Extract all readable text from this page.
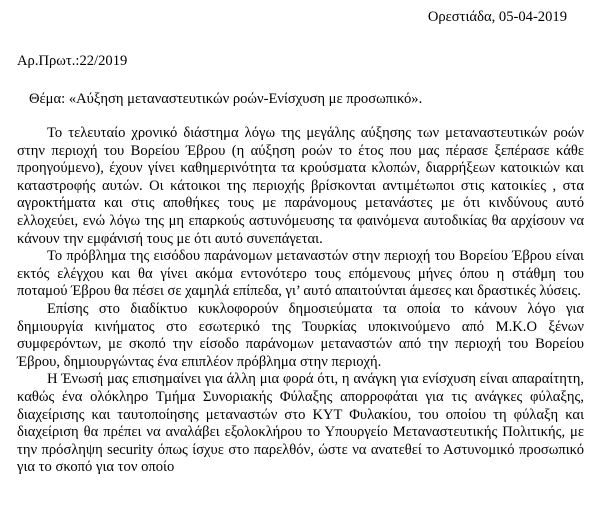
Ορεστιάδα, 05-04-2019
Αρ.Πρωτ.:22/2019
Θέμα: «Αύξηση μεταναστευτικών ροών-Ενίσχυση με προσωπικό».

Το τελευταίο χρονικό διάστημα λόγω της μεγάλης αύξησης των μεταναστευτικών ροών στην περιοχή του Βορείου Έβρου (η αύξηση ροών το έτος που μας πέρασε ξεπέρασε κάθε προηγούμενο), έχουν γίνει καθημερινότητα τα κρούσματα κλοπών, διαρρήξεων κατοικιών και καταστροφής αυτών. Οι κάτοικοι της περιοχής βρίσκονται αντιμέτωποι στις κατοικίες , στα αγροκτήματα και στις αποθήκες τους με παράνομους μετανάστες με ότι κινδύνους αυτό ελλοχεύει, ενώ λόγω της μη επαρκούς αστυνόμευσης τα φαινόμενα αυτοδικίας θα αρχίσουν να κάνουν την εμφάνισή τους με ότι αυτό συνεπάγεται.

Το πρόβλημα της εισόδου παράνομων μεταναστών στην περιοχή του Βορείου Έβρου είναι εκτός ελέγχου και θα γίνει ακόμα εντονότερο τους επόμενους μήνες όπου η στάθμη του ποταμού Έβρου θα πέσει σε χαμηλά επίπεδα, γι’ αυτό απαιτούνται άμεσες και δραστικές λύσεις.

Επίσης στο διαδίκτυο κυκλοφορούν δημοσιεύματα τα οποία το κάνουν λόγο για δημιουργία κινήματος στο εσωτερικό της Τουρκίας υποκινούμενο από Μ.Κ.Ο ξένων συμφερόντων, με σκοπό την είσοδο παράνομων μεταναστών από την περιοχή του Βορείου Έβρου, δημιουργώντας ένα επιπλέον πρόβλημα στην περιοχή.

Η Ένωσή μας επισημαίνει για άλλη μια φορά ότι, η ανάγκη για ενίσχυση είναι απαραίτητη, καθώς ένα ολόκληρο Τμήμα Συνοριακής Φύλαξης απορροφάται για τις ανάγκες φύλαξης, διαχείρισης και ταυτοποίησης μεταναστών στο ΚΥΤ Φυλακίου, του οποίου τη φύλαξη και διαχείριση θα πρέπει να αναλάβει εξολοκλήρου το Υπουργείο Μεταναστευτικής Πολιτικής, με την πρόσληψη security όπως ίσχυε στο παρελθόν, ώστε να ανατεθεί το Αστυνομικό προσωπικό για το σκοπό για τον οποίο
